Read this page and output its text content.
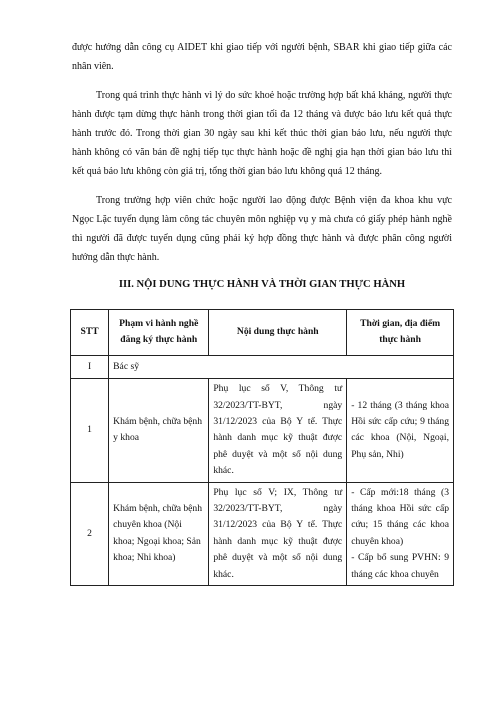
được hướng dẫn công cụ AIDET khi giao tiếp với người bệnh, SBAR khi giao tiếp giữa các nhân viên.

Trong quá trình thực hành vì lý do sức khoẻ hoặc trường hợp bất khả kháng, người thực hành được tạm dừng thực hành trong thời gian tối đa 12 tháng và được bảo lưu kết quả thực hành trước đó. Trong thời gian 30 ngày sau khi kết thúc thời gian bảo lưu, nếu người thực hành không có văn bản đề nghị tiếp tục thực hành hoặc đề nghị gia hạn thời gian bảo lưu thì kết quả bảo lưu không còn giá trị, tổng thời gian bảo lưu không quá 12 tháng.

Trong trường hợp viên chức hoặc người lao động được Bệnh viện đa khoa khu vực Ngọc Lặc tuyển dụng làm công tác chuyên môn nghiệp vụ y mà chưa có giấy phép hành nghề thì người đã được tuyển dụng cũng phải ký hợp đồng thực hành và được phân công người hướng dẫn thực hành.

III. NỘI DUNG THỰC HÀNH VÀ THỜI GIAN THỰC HÀNH
STT	Phạm vi hành nghề đăng ký thực hành	Nội dung thực hành	Thời gian, địa điểm thực hành
I	Bác sỹ		
1	Khám bệnh, chữa bệnh y khoa	Phụ lục số V, Thông tư 32/2023/TT-BYT, ngày 31/12/2023 của Bộ Y tế. Thực hành danh mục kỹ thuật được phê duyệt và một số nội dung khác.	- 12 tháng (3 tháng khoa Hồi sức cấp cứu; 9 tháng các khoa (Nội, Ngoại, Phụ sản, Nhi)
2	Khám bệnh, chữa bệnh chuyên khoa (Nội khoa; Ngoại khoa; Sản khoa; Nhi khoa)	Phụ lục số V; IX, Thông tư 32/2023/TT-BYT, ngày 31/12/2023 của Bộ Y tế. Thực hành danh mục kỹ thuật được phê duyệt và một số nội dung khác.	- Cấp mới:18 tháng (3 tháng khoa Hồi sức cấp cứu; 15 tháng các khoa chuyên khoa)
- Cấp bổ sung PVHN: 9 tháng các khoa chuyên
